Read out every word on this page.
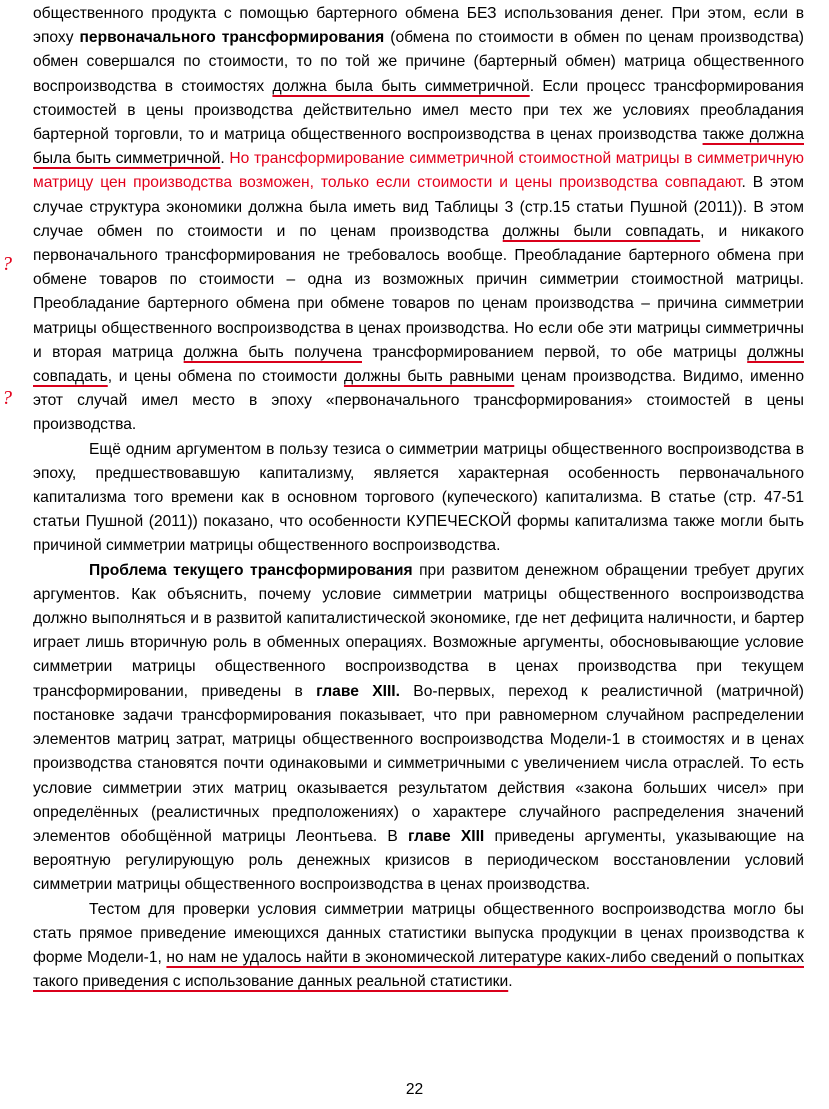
?
?

общественного продукта с помощью бартерного обмена БЕЗ использования денег. При этом, если в эпоху первоначального трансформирования (обмена по стоимости в обмен по ценам производства) обмен совершался по стоимости, то по той же причине (бартерный обмен) матрица общественного воспроизводства в стоимостях должна была быть симметричной. Если процесс трансформирования стоимостей в цены производства действительно имел место при тех же условиях преобладания бартерной торговли, то и матрица общественного воспроизводства в ценах производства также должна была быть симметричной. Но трансформирование симметричной стоимостной матрицы в симметричную матрицу цен производства возможен, только если стоимости и цены производства совпадают. В этом случае структура экономики должна была иметь вид Таблицы 3 (стр.15 статьи Пушной (2011)). В этом случае обмен по стоимости и по ценам производства должны были совпадать, и никакого первоначального трансформирования не требовалось вообще. Преобладание бартерного обмена при обмене товаров по стоимости – одна из возможных причин симметрии стоимостной матрицы. Преобладание бартерного обмена при обмене товаров по ценам производства – причина симметрии матрицы общественного воспроизводства в ценах производства. Но если обе эти матрицы симметричны и вторая матрица должна быть получена трансформированием первой, то обе матрицы должны совпадать, и цены обмена по стоимости должны быть равными ценам производства. Видимо, именно этот случай имел место в эпоху «первоначального трансформирования» стоимостей в цены производства.

Ещё одним аргументом в пользу тезиса о симметрии матрицы общественного воспроизводства в эпоху, предшествовавшую капитализму, является характерная особенность первоначального капитализма того времени как в основном торгового (купеческого) капитализма. В статье (стр. 47-51 статьи Пушной (2011)) показано, что особенности КУПЕЧЕСКОЙ формы капитализма также могли быть причиной симметрии матрицы общественного воспроизводства.

Проблема текущего трансформирования при развитом денежном обращении требует других аргументов. Как объяснить, почему условие симметрии матрицы общественного воспроизводства должно выполняться и в развитой капиталистической экономике, где нет дефицита наличности, и бартер играет лишь вторичную роль в обменных операциях. Возможные аргументы, обосновывающие условие симметрии матрицы общественного воспроизводства в ценах производства при текущем трансформировании, приведены в главе XIII. Во-первых, переход к реалистичной (матричной) постановке задачи трансформирования показывает, что при равномерном случайном распределении элементов матриц затрат, матрицы общественного воспроизводства Модели-1 в стоимостях и в ценах производства становятся почти одинаковыми и симметричными с увеличением числа отраслей. То есть условие симметрии этих матриц оказывается результатом действия «закона больших чисел» при определённых (реалистичных предположениях) о характере случайного распределения значений элементов обобщённой матрицы Леонтьева. В главе XIII приведены аргументы, указывающие на вероятную регулирующую роль денежных кризисов в периодическом восстановлении условий симметрии матрицы общественного воспроизводства в ценах производства.

Тестом для проверки условия симметрии матрицы общественного воспроизводства могло бы стать прямое приведение имеющихся данных статистики выпуска продукции в ценах производства к форме Модели-1, но нам не удалось найти в экономической литературе каких-либо сведений о попытках такого приведения с использование данных реальной статистики.

22
